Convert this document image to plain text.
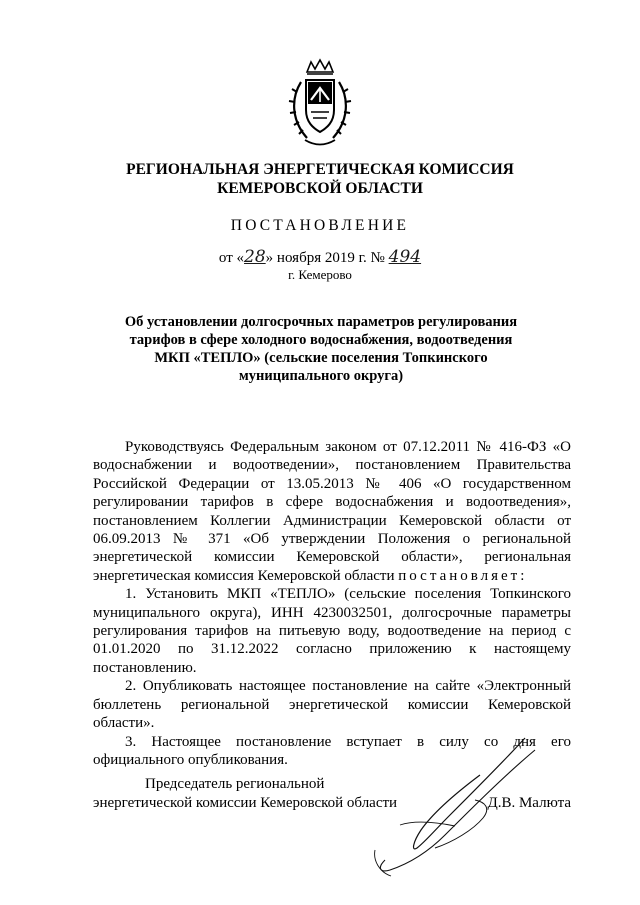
РЕГИОНАЛЬНАЯ ЭНЕРГЕТИЧЕСКАЯ КОМИССИЯ

КЕМЕРОВСКОЙ ОБЛАСТИ

ПОСТАНОВЛЕНИЕ

от «28» ноября 2019 г. № 494

г. Кемерово

Об установлении долгосрочных параметров регулирования
тарифов в сфере холодного водоснабжения, водоотведения
МКП «ТЕПЛО» (сельские поселения Топкинского
муниципального округа)

Руководствуясь Федеральным законом от 07.12.2011 № 416-ФЗ «О водоснабжении и водоотведении», постановлением Правительства Российской Федерации от 13.05.2013 № 406 «О государственном регулировании тарифов в сфере водоснабжения и водоотведения», постановлением Коллегии Администрации Кемеровской области от 06.09.2013 № 371 «Об утверждении Положения о региональной энергетической комиссии Кемеровской области», региональная энергетическая комиссия Кемеровской области постановляет:

1. Установить МКП «ТЕПЛО» (сельские поселения Топкинского муниципального округа), ИНН 4230032501, долгосрочные параметры регулирования тарифов на питьевую воду, водоотведение на период с 01.01.2020 по 31.12.2022 согласно приложению к настоящему постановлению.

2. Опубликовать настоящее постановление на сайте «Электронный бюллетень региональной энергетической комиссии Кемеровской области».

3. Настоящее постановление вступает в силу со дня его официального опубликования.

Председатель региональной
энергетической комиссии Кемеровской области	Д.В. Малюта
